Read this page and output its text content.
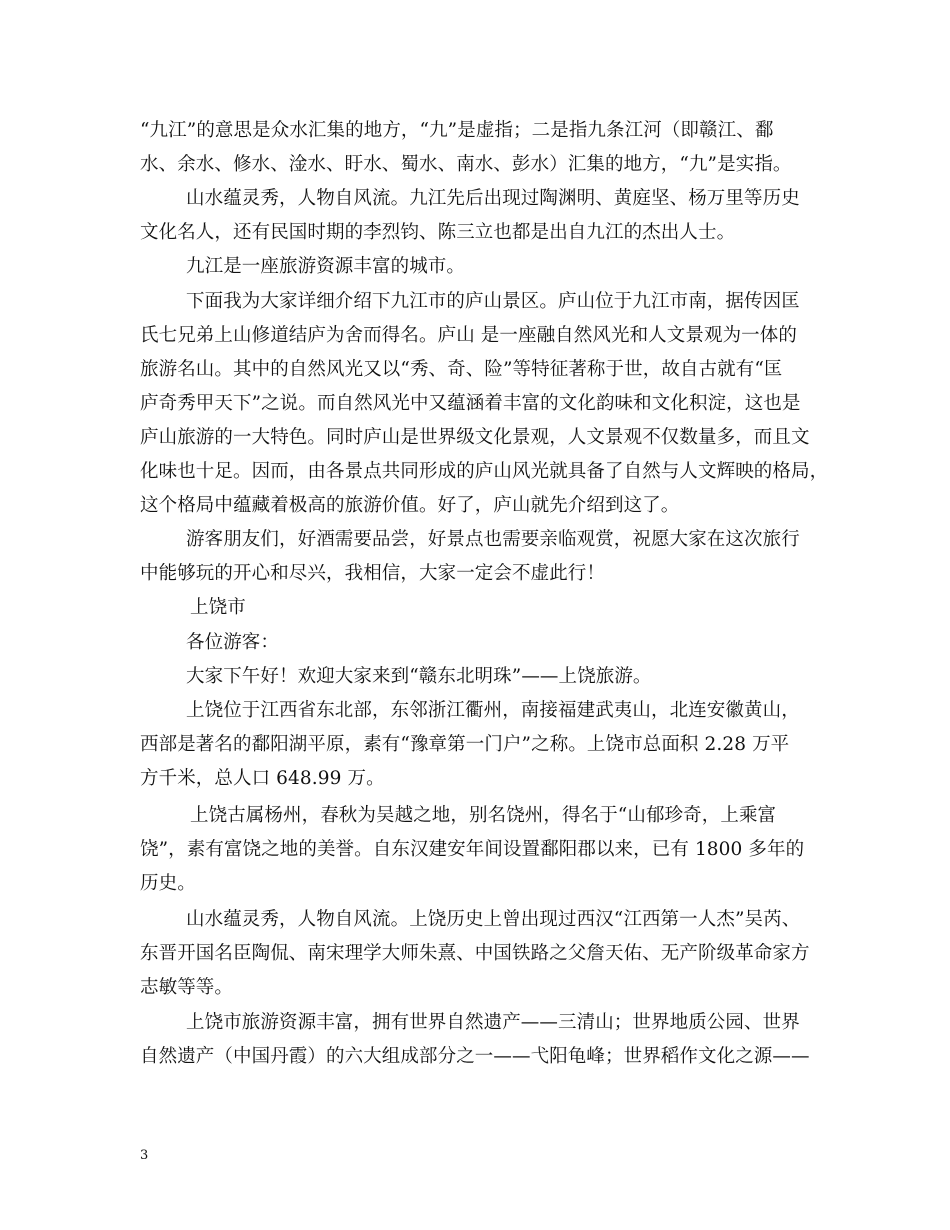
“九江”的意思是众水汇集的地方，“九”是虚指；二是指九条江河（即赣江、鄱
水、余水、修水、淦水、盱水、蜀水、南水、彭水）汇集的地方，“九”是实指。
山水蕴灵秀，人物自风流。九江先后出现过陶渊明、黄庭坚、杨万里等历史
文化名人，还有民国时期的李烈钧、陈三立也都是出自九江的杰出人士。
九江是一座旅游资源丰富的城市。
下面我为大家详细介绍下九江市的庐山景区。庐山位于九江市南，据传因匡
氏七兄弟上山修道结庐为舍而得名。庐山 是一座融自然风光和人文景观为一体的
旅游名山。其中的自然风光又以“秀、奇、险”等特征著称于世，故自古就有“匡
庐奇秀甲天下”之说。而自然风光中又蕴涵着丰富的文化韵味和文化积淀，这也是
庐山旅游的一大特色。同时庐山是世界级文化景观，人文景观不仅数量多，而且文
化味也十足。因而，由各景点共同形成的庐山风光就具备了自然与人文辉映的格局，
这个格局中蕴藏着极高的旅游价值。好了，庐山就先介绍到这了。
游客朋友们，好酒需要品尝，好景点也需要亲临观赏，祝愿大家在这次旅行
中能够玩的开心和尽兴，我相信，大家一定会不虚此行！
上饶市
各位游客：
大家下午好！欢迎大家来到“赣东北明珠”——上饶旅游。
上饶位于江西省东北部，东邻浙江衢州，南接福建武夷山，北连安徽黄山，
西部是著名的鄱阳湖平原，素有“豫章第一门户”之称。上饶市总面积 2.28 万平
方千米，总人口 648.99 万。
上饶古属杨州，春秋为吴越之地，别名饶州，得名于“山郁珍奇，上乘富
饶”，素有富饶之地的美誉。自东汉建安年间设置鄱阳郡以来，已有 1800 多年的
历史。
山水蕴灵秀，人物自风流。上饶历史上曾出现过西汉“江西第一人杰”吴芮、
东晋开国名臣陶侃、南宋理学大师朱熹、中国铁路之父詹天佑、无产阶级革命家方
志敏等等。
上饶市旅游资源丰富，拥有世界自然遗产——三清山；世界地质公园、世界
自然遗产（中国丹霞）的六大组成部分之一——弋阳龟峰；世界稻作文化之源——
3
